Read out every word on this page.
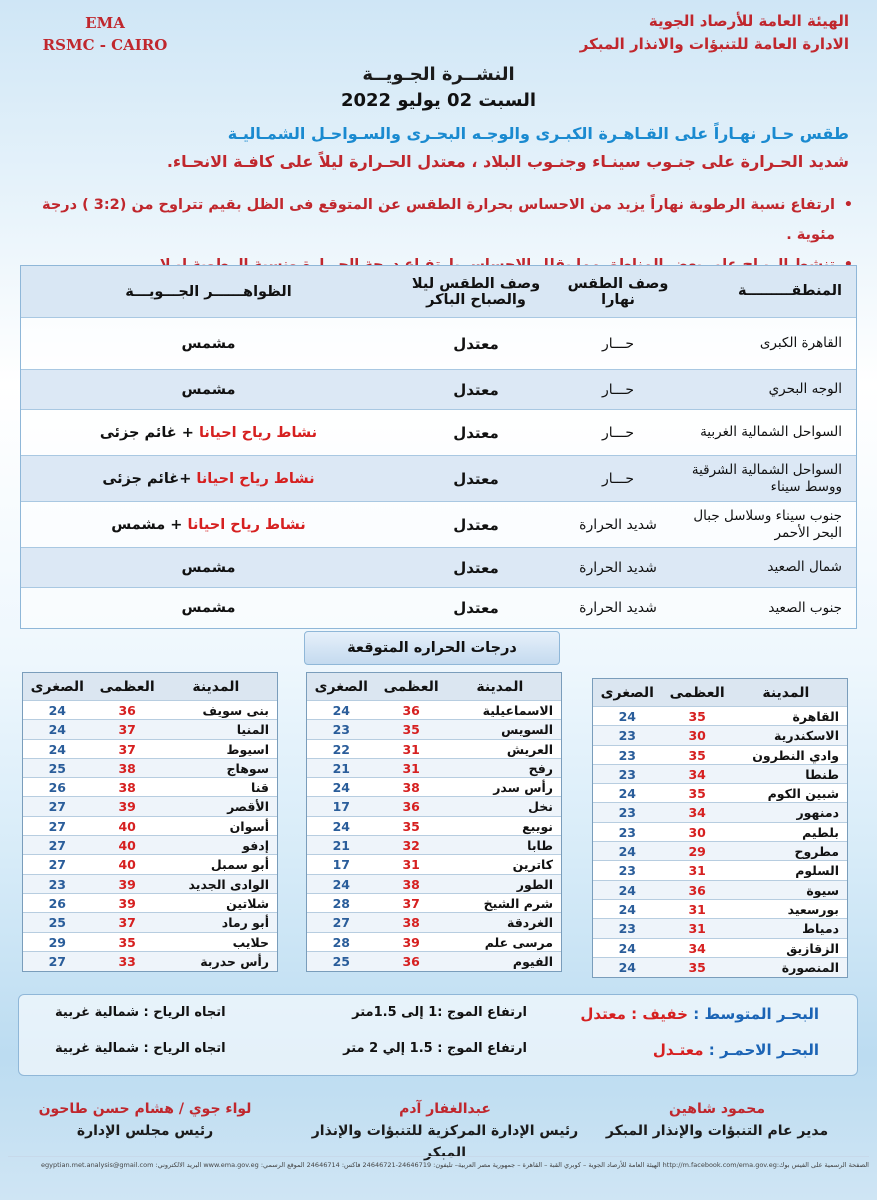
EMA
RSMC - CAIRO
الهيئة العامة للأرصاد الجوية
الادارة العامة للتنبؤات والانذار المبكر
النشــرة الجـويــة
السبت 02 يوليو 2022
طقس حـار نهـاراً على القـاهـرة الكبـرى والوجـه البحـرى والسـواحـل الشمـاليـة
شديد الحـرارة على جنـوب سينـاء وجنـوب البلاد ، معتدل الحـرارة ليلاً على كافـة الانحـاء.
• ارتفاع نسبة الرطوبة نهاراً يزيد من الاحساس بحرارة الطقس عن المتوقع فى الظل بقيم تتراوح من (3:2 ) درجة مئوية .
•
المنطقـــــــــة
وصف الطقس نهارا
وصف الطقس ليلا والصباح الباكر
الظواهــــــر الجـــويـــة
القاهرة الكبرى
حـــار
معتدل
مشمس
الوجه البحري
حـــار
معتدل
مشمس
السواحل الشمالية الغربية
حـــار
معتدل
نشاط رياح احيانا + غائم جزئى
السواحل الشمالية الشرقية ووسط سيناء
حـــار
معتدل
نشاط رياح احيانا +غائم جزئى
جنوب سيناء وسلاسل جبال البحر الأحمر
شديد الحرارة
معتدل
نشاط رياح احيانا + مشمس
شمال الصعيد
شديد الحرارة
معتدل
مشمس
جنوب الصعيد
شديد الحرارة
معتدل
مشمس
درجات الحراره المتوقعة
المدينة
العظمى
الصغرى
القاهرة
35
24
الاسكندرية
30
23
وادي النطرون
35
23
طنطا
34
23
شبين الكوم
35
24
دمنهور
34
23
بلطيم
30
23
مطروح
29
24
السلوم
31
23
سيوة
36
24
بورسعيد
31
24
دمياط
31
23
الزقازيق
34
24
المنصورة
35
24
المدينة
العظمى
الصغرى
الاسماعيلية
36
24
السويس
35
23
العريش
31
22
رفح
31
21
رأس سدر
38
24
نخل
36
17
نويبع
35
24
طابا
32
21
كاترين
31
17
الطور
38
24
شرم الشيخ
37
28
الغردقة
38
27
مرسى علم
39
28
الفيوم
36
25
المدينة
العظمى
الصغرى
بنى سويف
36
24
المنيا
37
24
اسيوط
37
24
سوهاج
38
25
قنا
38
26
الأقصر
39
27
أسوان
40
27
إدفو
40
27
أبو سمبل
40
27
الوادى الجديد
39
23
شلاتين
39
26
أبو رماد
37
25
حلايب
35
29
رأس حدربة
33
27
البحـر المتوسط : خفيف : معتدل
ارتفاع الموج :1 إلى 1.5متر
اتجاه الرياح : شمالية غربية
البحـر الاحمـر : معتـدل
ارتفاع الموج : 1.5 إلي 2 متر
اتجاه الرياح : شمالية غربية
محمود شاهين
مدير عام التنبؤات والإنذار المبكر
عبدالغفار آدم
رئيس الإدارة المركزية للتنبؤات والإنذار المبكر
لواء جوي / هشام حسن طاحون
رئيس مجلس الإدارة
الصفحة الرسمية على الفيس بوك:http://m.facebook.com/ema.gov.eg الهيئة العامة للأرصاد الجوية – كوبري القبة – القاهرة – جمهورية مصر العربية– تليفون: 24646719-24646721 فاكس: 24646714 الموقع الرسمي: www.ema.gov.eg البريد الالكتروني: egyptian.met.analysis@gmail.com
